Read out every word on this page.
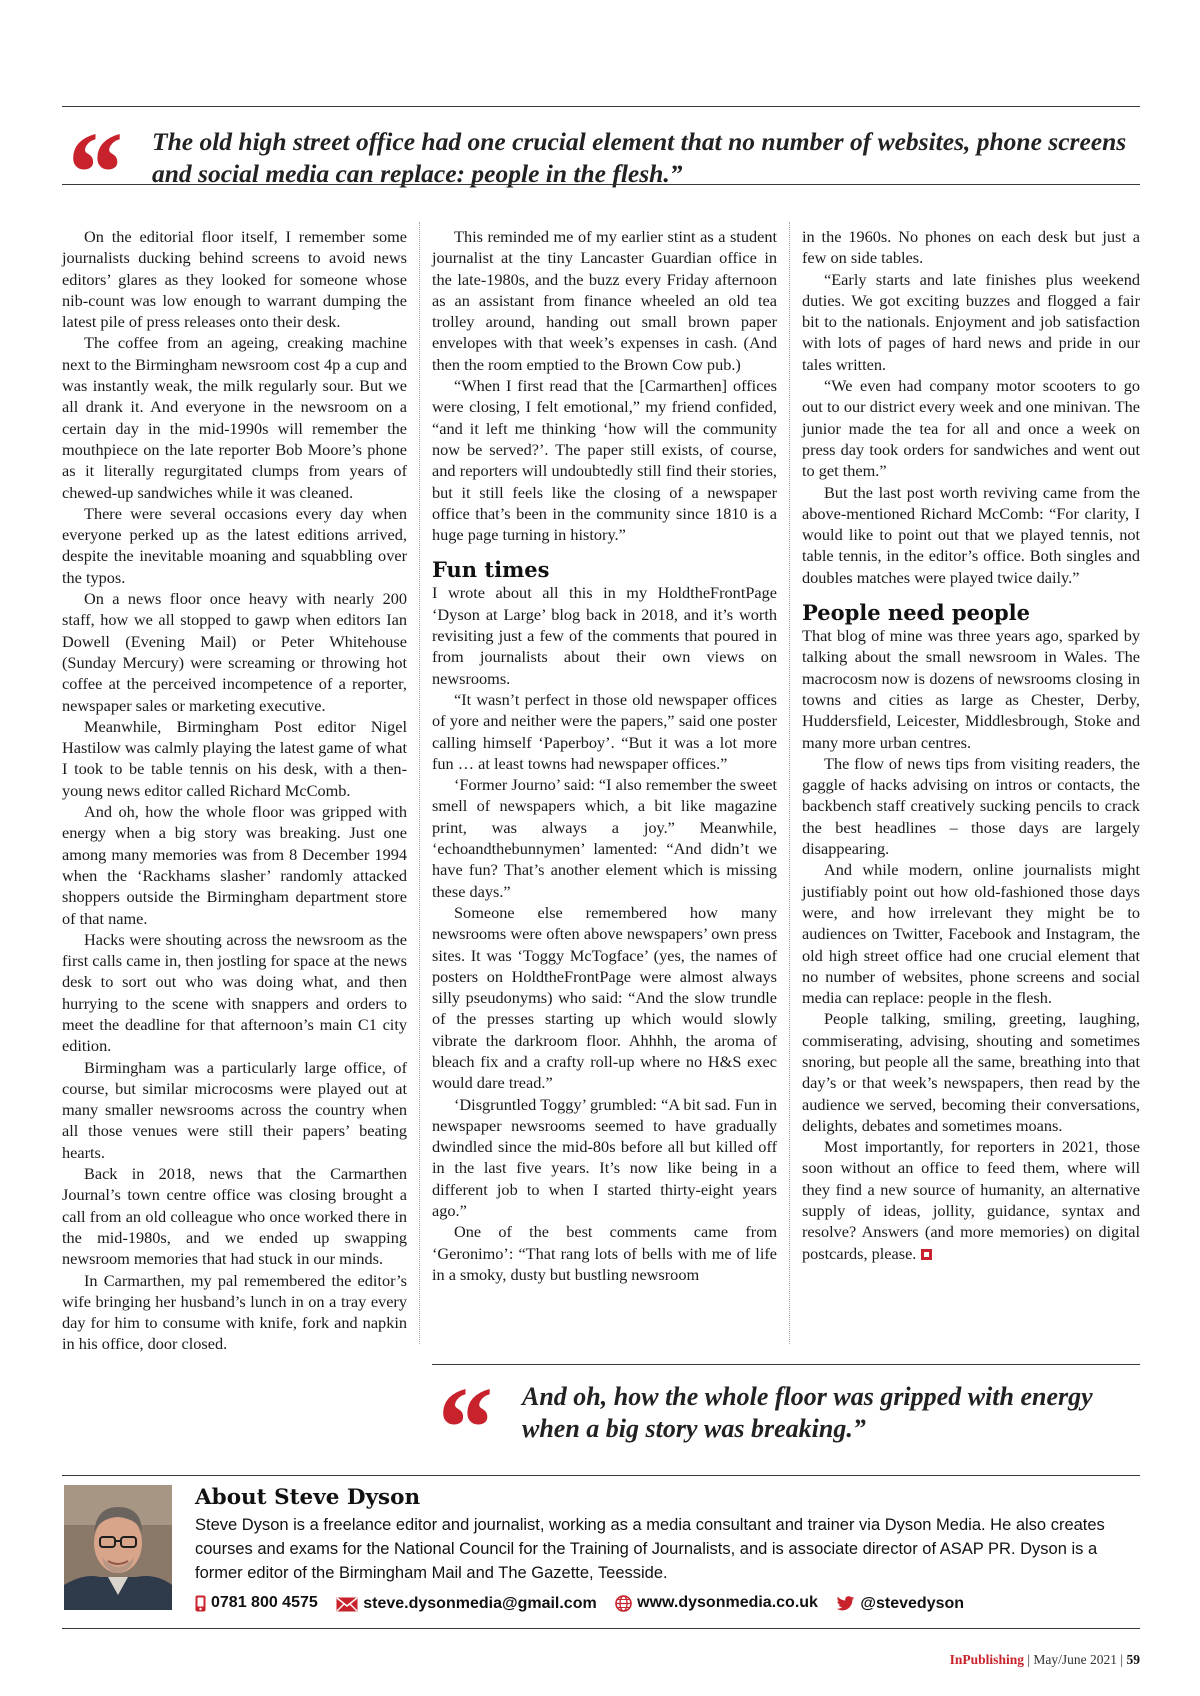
“ The old high street office had one crucial element that no number of websites, phone screens and social media can replace: people in the flesh.”

On the editorial floor itself, I remember some journalists ducking behind screens to avoid news editors’ glares as they looked for someone whose nib-count was low enough to warrant dumping the latest pile of press releases onto their desk.

The coffee from an ageing, creaking machine next to the Birmingham newsroom cost 4p a cup and was instantly weak, the milk regularly sour. But we all drank it. And everyone in the newsroom on a certain day in the mid-1990s will remember the mouthpiece on the late reporter Bob Moore’s phone as it literally regurgitated clumps from years of chewed-up sandwiches while it was cleaned.

There were several occasions every day when everyone perked up as the latest editions arrived, despite the inevitable moaning and squabbling over the typos.

On a news floor once heavy with nearly 200 staff, how we all stopped to gawp when editors Ian Dowell (Evening Mail) or Peter Whitehouse (Sunday Mercury) were screaming or throwing hot coffee at the perceived incompetence of a reporter, newspaper sales or marketing executive.

Meanwhile, Birmingham Post editor Nigel Hastilow was calmly playing the latest game of what I took to be table tennis on his desk, with a then-young news editor called Richard McComb.

And oh, how the whole floor was gripped with energy when a big story was breaking. Just one among many memories was from 8 December 1994 when the ‘Rackhams slasher’ randomly attacked shoppers outside the Birmingham department store of that name.

Hacks were shouting across the newsroom as the first calls came in, then jostling for space at the news desk to sort out who was doing what, and then hurrying to the scene with snappers and orders to meet the deadline for that afternoon’s main C1 city edition.

Birmingham was a particularly large office, of course, but similar microcosms were played out at many smaller newsrooms across the country when all those venues were still their papers’ beating hearts.

Back in 2018, news that the Carmarthen Journal’s town centre office was closing brought a call from an old colleague who once worked there in the mid-1980s, and we ended up swapping newsroom memories that had stuck in our minds.

In Carmarthen, my pal remembered the editor’s wife bringing her husband’s lunch in on a tray every day for him to consume with knife, fork and napkin in his office, door closed.

This reminded me of my earlier stint as a student journalist at the tiny Lancaster Guardian office in the late-1980s, and the buzz every Friday afternoon as an assistant from finance wheeled an old tea trolley around, handing out small brown paper envelopes with that week’s expenses in cash. (And then the room emptied to the Brown Cow pub.)

“When I first read that the [Carmarthen] offices were closing, I felt emotional,” my friend confided, “and it left me thinking ‘how will the community now be served?’. The paper still exists, of course, and reporters will undoubtedly still find their stories, but it still feels like the closing of a newspaper office that’s been in the community since 1810 is a huge page turning in history.”

Fun times

I wrote about all this in my HoldtheFrontPage ‘Dyson at Large’ blog back in 2018, and it’s worth revisiting just a few of the comments that poured in from journalists about their own views on newsrooms.

“It wasn’t perfect in those old newspaper offices of yore and neither were the papers,” said one poster calling himself ‘Paperboy’. “But it was a lot more fun … at least towns had newspaper offices.”

‘Former Journo’ said: “I also remember the sweet smell of newspapers which, a bit like magazine print, was always a joy.” Meanwhile, ‘echoandthebunnymen’ lamented: “And didn’t we have fun? That’s another element which is missing these days.”

Someone else remembered how many newsrooms were often above newspapers’ own press sites. It was ‘Toggy McTogface’ (yes, the names of posters on HoldtheFrontPage were almost always silly pseudonyms) who said: “And the slow trundle of the presses starting up which would slowly vibrate the darkroom floor. Ahhhh, the aroma of bleach fix and a crafty roll-up where no H&S exec would dare tread.”

‘Disgruntled Toggy’ grumbled: “A bit sad. Fun in newspaper newsrooms seemed to have gradually dwindled since the mid-80s before all but killed off in the last five years. It’s now like being in a different job to when I started thirty-eight years ago.”

One of the best comments came from ‘Geronimo’: “That rang lots of bells with me of life in a smoky, dusty but bustling newsroom

in the 1960s. No phones on each desk but just a few on side tables.

“Early starts and late finishes plus weekend duties. We got exciting buzzes and flogged a fair bit to the nationals. Enjoyment and job satisfaction with lots of pages of hard news and pride in our tales written.

“We even had company motor scooters to go out to our district every week and one minivan. The junior made the tea for all and once a week on press day took orders for sandwiches and went out to get them.”

But the last post worth reviving came from the above-mentioned Richard McComb: “For clarity, I would like to point out that we played tennis, not table tennis, in the editor’s office. Both singles and doubles matches were played twice daily.”

People need people

That blog of mine was three years ago, sparked by talking about the small newsroom in Wales. The macrocosm now is dozens of newsrooms closing in towns and cities as large as Chester, Derby, Huddersfield, Leicester, Middlesbrough, Stoke and many more urban centres.

The flow of news tips from visiting readers, the gaggle of hacks advising on intros or contacts, the backbench staff creatively sucking pencils to crack the best headlines – those days are largely disappearing.

And while modern, online journalists might justifiably point out how old-fashioned those days were, and how irrelevant they might be to audiences on Twitter, Facebook and Instagram, the old high street office had one crucial element that no number of websites, phone screens and social media can replace: people in the flesh.

People talking, smiling, greeting, laughing, commiserating, advising, shouting and sometimes snoring, but people all the same, breathing into that day’s or that week’s newspapers, then read by the audience we served, becoming their conversations, delights, debates and sometimes moans.

Most importantly, for reporters in 2021, those soon without an office to feed them, where will they find a new source of humanity, an alternative supply of ideas, jollity, guidance, syntax and resolve? Answers (and more memories) on digital postcards, please.

“ And oh, how the whole floor was gripped with energy when a big story was breaking.”
About Steve Dyson
Steve Dyson is a freelance editor and journalist, working as a media consultant and trainer via Dyson Media. He also creates courses and exams for the National Council for the Training of Journalists, and is associate director of ASAP PR. Dyson is a former editor of the Birmingham Mail and The Gazette, Teesside.
0781 800 4575
	steve.dysonmedia@gmail.com
	www.dysonmedia.co.uk
	@stevedyson
InPublishing | May/June 2021 | 59
